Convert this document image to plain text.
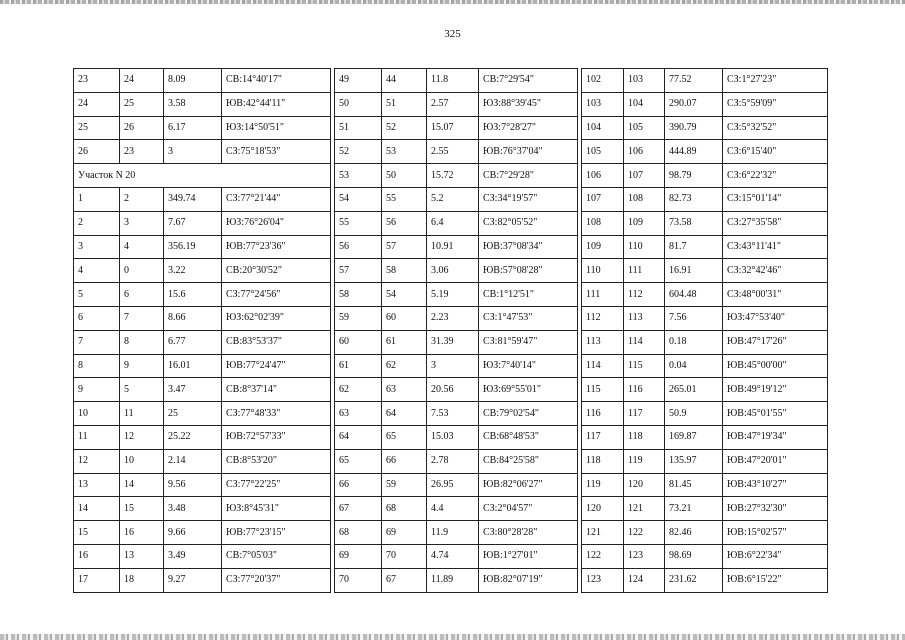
325
23	24	8.09	СВ:14°40'17"
24	25	3.58	ЮВ:42°44'11"
25	26	6.17	ЮЗ:14°50'51"
26	23	3	СЗ:75°18'53"
Участок N 20			
1	2	349.74	СЗ:77°21'44"
2	3	7.67	ЮЗ:76°26'04"
3	4	356.19	ЮВ:77°23'36"
4	0	3.22	СВ:20°30'52"
5	6	15.6	СЗ:77°24'56"
6	7	8.66	ЮЗ:62°02'39"
7	8	6.77	СВ:83°53'37"
8	9	16.01	ЮВ:77°24'47"
9	5	3.47	СВ:8°37'14"
10	11	25	СЗ:77°48'33"
11	12	25.22	ЮВ:72°57'33"
12	10	2.14	СВ:8°53'20"
13	14	9.56	СЗ:77°22'25"
14	15	3.48	ЮЗ:8°45'31"
15	16	9.66	ЮВ:77°23'15"
16	13	3.49	СВ:7°05'03"
17	18	9.27	СЗ:77°20'37"
49	44	11.8	СВ:7°29'54"
50	51	2.57	ЮЗ:88°39'45"
51	52	15.07	ЮЗ:7°28'27"
52	53	2.55	ЮВ:76°37'04"
53	50	15.72	СВ:7°29'28"
54	55	5.2	СЗ:34°19'57"
55	56	6.4	СЗ:82°05'52"
56	57	10.91	ЮВ:37°08'34"
57	58	3.06	ЮВ:57°08'28"
58	54	5.19	СВ:1°12'51"
59	60	2.23	СЗ:1°47'53"
60	61	31.39	СЗ:81°59'47"
61	62	3	ЮЗ:7°40'14"
62	63	20.56	ЮЗ:69°55'01"
63	64	7.53	СВ:79°02'54"
64	65	15.03	СВ:68°48'53"
65	66	2.78	СВ:84°25'58"
66	59	26.95	ЮВ:82°06'27"
67	68	4.4	СЗ:2°04'57"
68	69	11.9	СЗ:80°28'28"
69	70	4.74	ЮВ:1°27'01"
70	67	11.89	ЮВ:82°07'19"
102	103	77.52	СЗ:1°27'23"
103	104	290.07	СЗ:5°59'09"
104	105	390.79	СЗ:5°32'52"
105	106	444.89	СЗ:6°15'40"
106	107	98.79	СЗ:6°22'32"
107	108	82.73	СЗ:15°01'14"
108	109	73.58	СЗ:27°35'58"
109	110	81.7	СЗ:43°11'41"
110	111	16.91	СЗ:32°42'46"
111	112	604.48	СЗ:48°00'31"
112	113	7.56	ЮЗ:47°53'40"
113	114	0.18	ЮВ:47°17'26"
114	115	0.04	ЮВ:45°00'00"
115	116	265.01	ЮВ:49°19'12"
116	117	50.9	ЮВ:45°01'55"
117	118	169.87	ЮВ:47°19'34"
118	119	135.97	ЮВ:47°20'01"
119	120	81.45	ЮВ:43°10'27"
120	121	73.21	ЮВ:27°32'30"
121	122	82.46	ЮВ:15°02'57"
122	123	98.69	ЮВ:6°22'34"
123	124	231.62	ЮВ:6°15'22"
